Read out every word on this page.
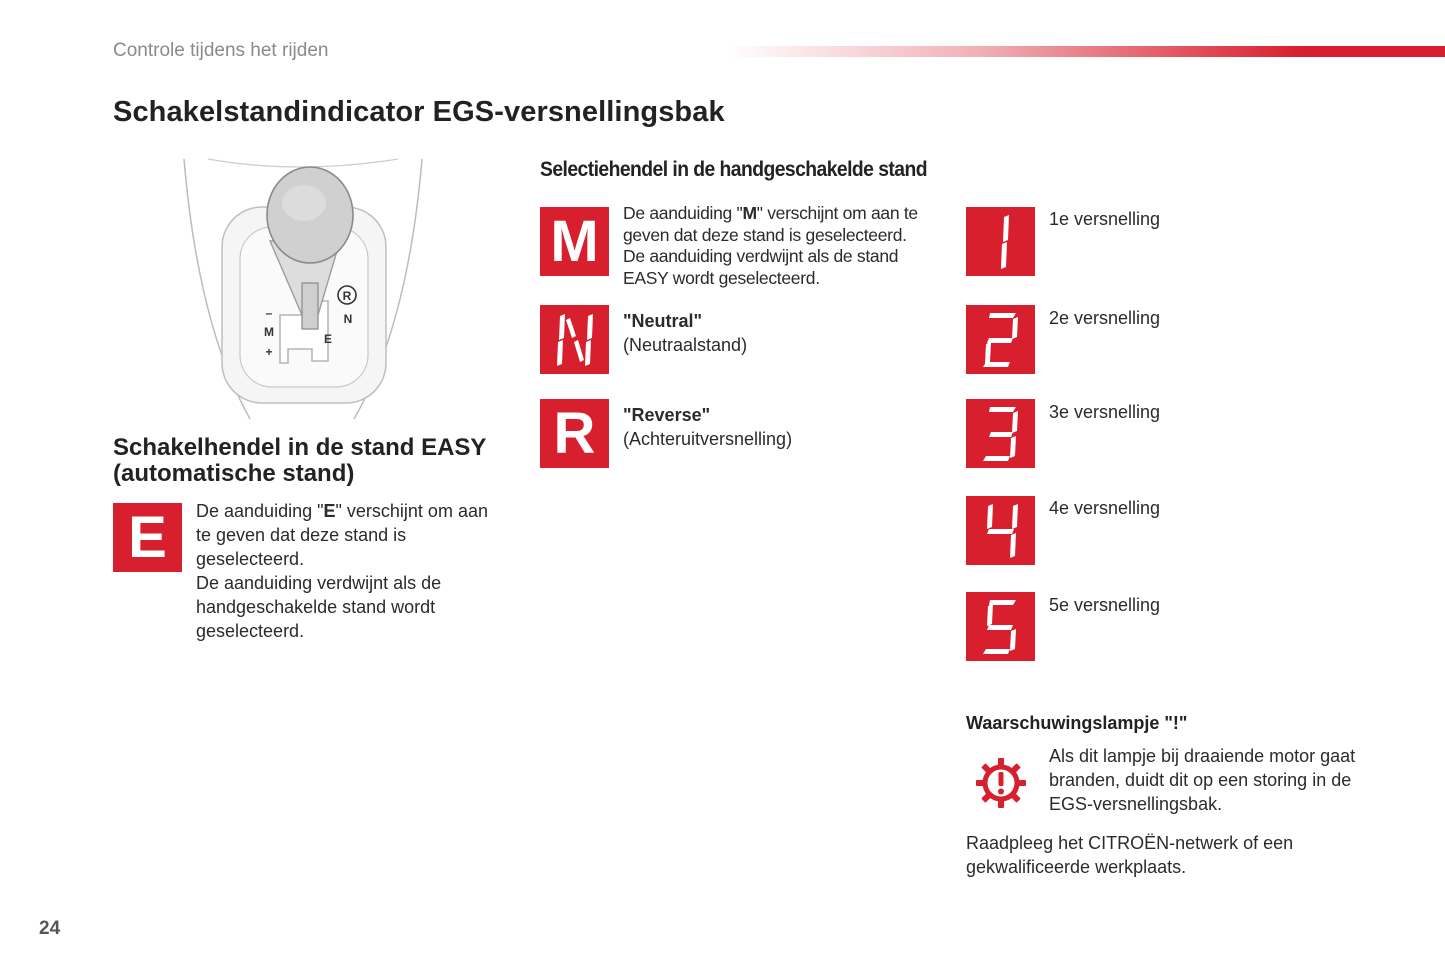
Controle tijdens het rijden
Schakelstandindicator EGS-versnellingsbak
R
N
E
–
M
+
Schakelhendel in de stand EASY (automatische stand)
E De aanduiding "E" verschijnt om aan te geven dat deze stand is geselecteerd.
De aanduiding verdwijnt als de handgeschakelde stand wordt geselecteerd.
Selectiehendel in de handgeschakelde stand
M De aanduiding "M" verschijnt om aan te geven dat deze stand is geselecteerd.
De aanduiding verdwijnt als de stand EASY wordt geselecteerd.
"Neutral"
(Neutraalstand)
R "Reverse"
(Achteruitversnelling)
1e versnelling
2e versnelling
3e versnelling
4e versnelling
5e versnelling
Waarschuwingslampje "!"
Als dit lampje bij draaiende motor gaat branden, duidt dit op een storing in de EGS-versnellingsbak.
Raadpleeg het CITROËN-netwerk of een gekwalificeerde werkplaats.
24
